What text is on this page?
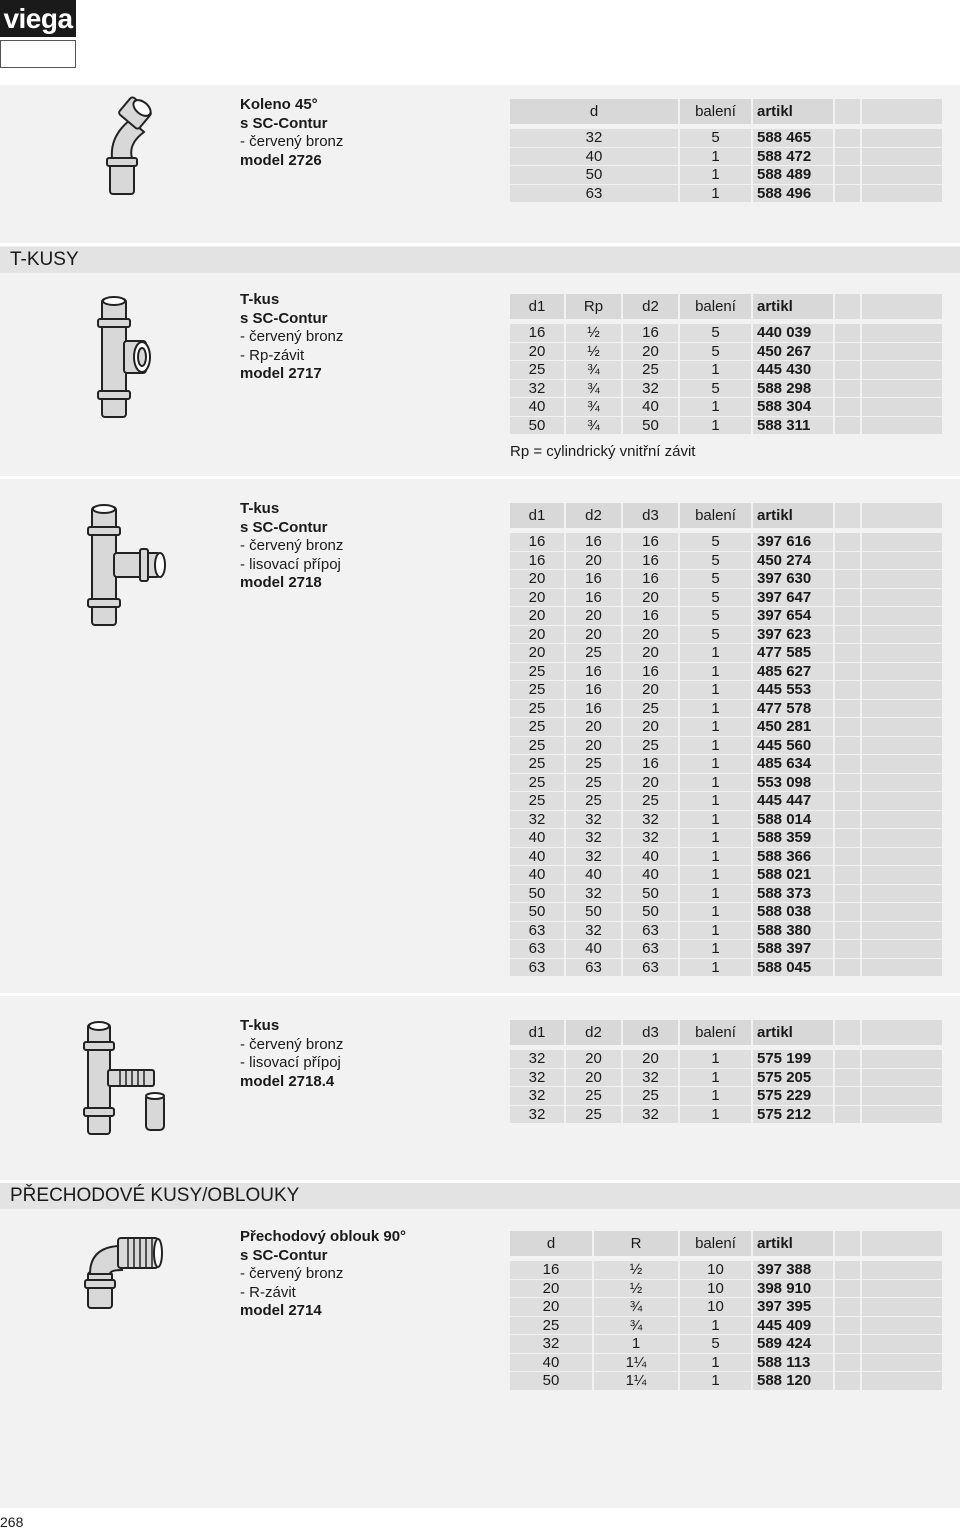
viega
T-KUSY
PŘECHODOVÉ KUSY/OBLOUKY
Koleno 45°
s SC-Contur
- červený bronz
model 2726
d	balení	artikl		

32	5	588 465		
40	1	588 472		
50	1	588 489		
63	1	588 496		
T-kus
s SC-Contur
- červený bronz
- Rp-závit
model 2717
d1	Rp	d2	balení	artikl		

16	½	16	5	440 039		
20	½	20	5	450 267		
25	¾	25	1	445 430		
32	¾	32	5	588 298		
40	¾	40	1	588 304		
50	¾	50	1	588 311		
Rp = cylindrický vnitřní závit
T-kus
s SC-Contur
- červený bronz
- lisovací přípoj
model 2718
d1	d2	d3	balení	artikl		

16	16	16	5	397 616		
16	20	16	5	450 274		
20	16	16	5	397 630		
20	16	20	5	397 647		
20	20	16	5	397 654		
20	20	20	5	397 623		
20	25	20	1	477 585		
25	16	16	1	485 627		
25	16	20	1	445 553		
25	16	25	1	477 578		
25	20	20	1	450 281		
25	20	25	1	445 560		
25	25	16	1	485 634		
25	25	20	1	553 098		
25	25	25	1	445 447		
32	32	32	1	588 014		
40	32	32	1	588 359		
40	32	40	1	588 366		
40	40	40	1	588 021		
50	32	50	1	588 373		
50	50	50	1	588 038		
63	32	63	1	588 380		
63	40	63	1	588 397		
63	63	63	1	588 045		
T-kus
- červený bronz
- lisovací přípoj
model 2718.4
d1	d2	d3	balení	artikl		

32	20	20	1	575 199		
32	20	32	1	575 205		
32	25	25	1	575 229		
32	25	32	1	575 212		
Přechodový oblouk 90°
s SC-Contur
- červený bronz
- R-závit
model 2714
d	R	balení	artikl		

16	½	10	397 388		
20	½	10	398 910		
20	¾	10	397 395		
25	¾	1	445 409		
32	1	5	589 424		
40	1¼	1	588 113		
50	1¼	1	588 120		
268
